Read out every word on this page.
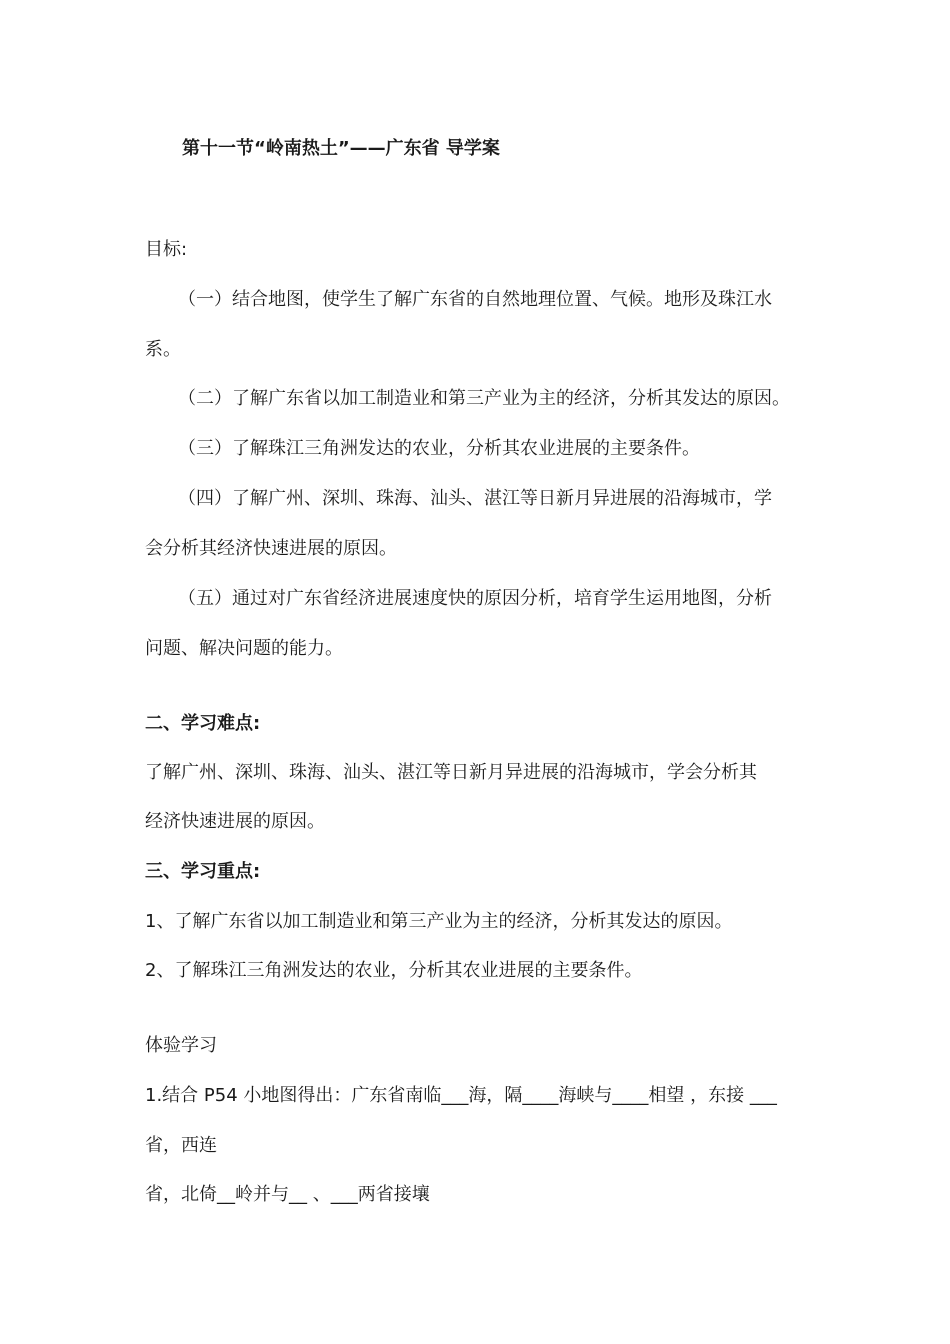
第十一节“岭南热土”——广东省 导学案
目标:
（一）结合地图，使学生了解广东省的自然地理位置、气候。地形及珠江水
系。
（二）了解广东省以加工制造业和第三产业为主的经济，分析其发达的原因。
（三）了解珠江三角洲发达的农业，分析其农业进展的主要条件。
（四）了解广州、深圳、珠海、汕头、湛江等日新月异进展的沿海城市，学
会分析其经济快速进展的原因。
（五）通过对广东省经济进展速度快的原因分析，培育学生运用地图，分析
问题、解决问题的能力。
二、学习难点:
了解广州、深圳、珠海、汕头、湛江等日新月异进展的沿海城市，学会分析其
经济快速进展的原因。
三、学习重点:
1、了解广东省以加工制造业和第三产业为主的经济，分析其发达的原因。
2、了解珠江三角洲发达的农业，分析其农业进展的主要条件。
体验学习
1.结合 P54 小地图得出：广东省南临___海，隔____海峡与____相望 ，东接 ___
省，西连
省，北倚__岭并与__ 、___两省接壤
